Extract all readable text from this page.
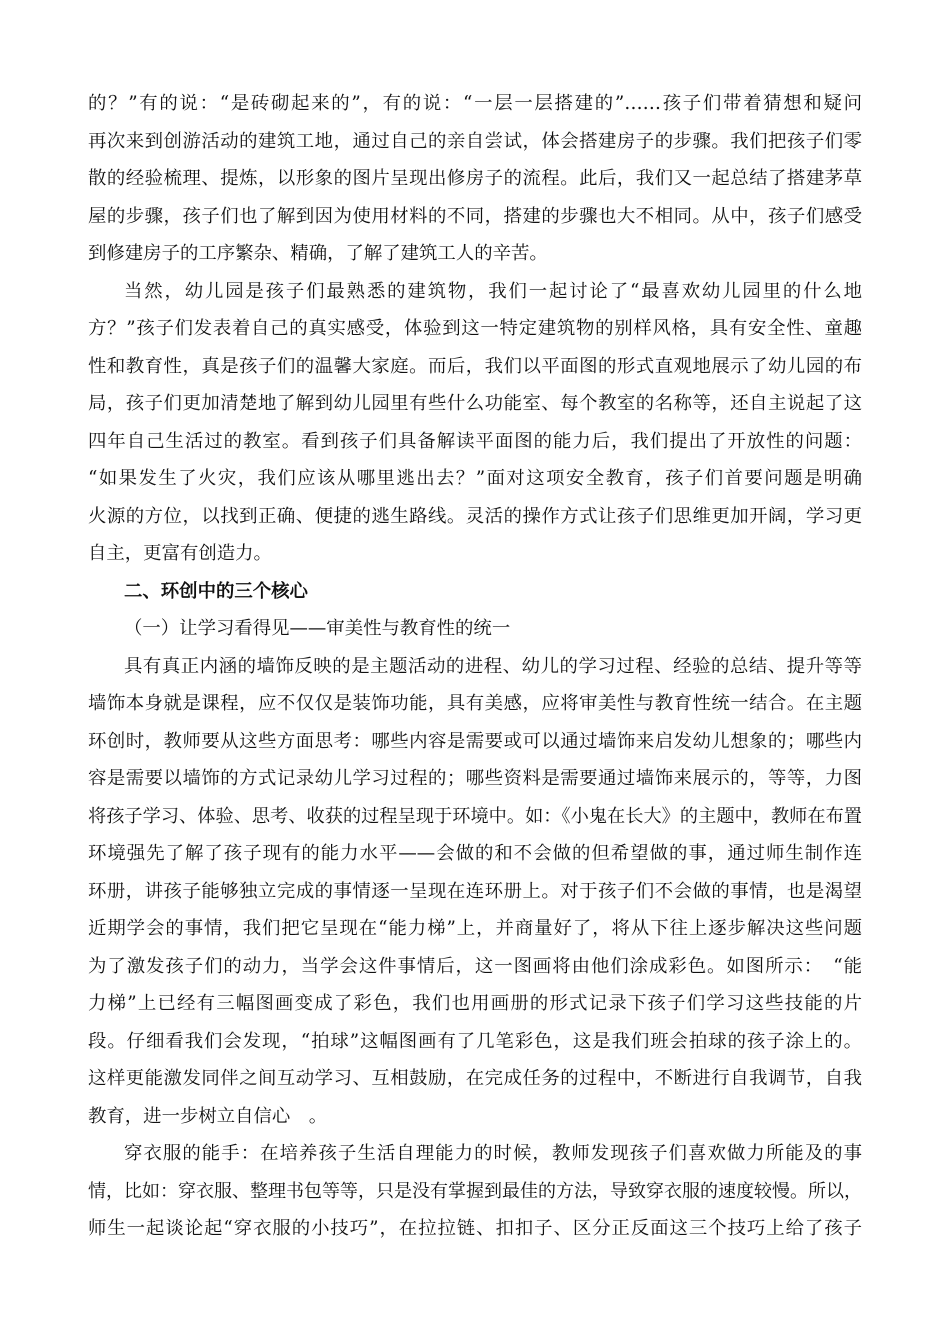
的？”有的说：“是砖砌起来的”，有的说：“一层一层搭建的”……孩子们带着猜想和疑问
再次来到创游活动的建筑工地，通过自己的亲自尝试，体会搭建房子的步骤。我们把孩子们零
散的经验梳理、提炼，以形象的图片呈现出修房子的流程。此后，我们又一起总结了搭建茅草
屋的步骤，孩子们也了解到因为使用材料的不同，搭建的步骤也大不相同。从中，孩子们感受
到修建房子的工序繁杂、精确，了解了建筑工人的辛苦。
当然，幼儿园是孩子们最熟悉的建筑物，我们一起讨论了“最喜欢幼儿园里的什么地
方？”孩子们发表着自己的真实感受，体验到这一特定建筑物的别样风格，具有安全性、童趣
性和教育性，真是孩子们的温馨大家庭。而后，我们以平面图的形式直观地展示了幼儿园的布
局，孩子们更加清楚地了解到幼儿园里有些什么功能室、每个教室的名称等，还自主说起了这
四年自己生活过的教室。看到孩子们具备解读平面图的能力后，我们提出了开放性的问题：
“如果发生了火灾，我们应该从哪里逃出去？”面对这项安全教育，孩子们首要问题是明确
火源的方位，以找到正确、便捷的逃生路线。灵活的操作方式让孩子们思维更加开阔，学习更
自主，更富有创造力。
二、环创中的三个核心
（一）让学习看得见——审美性与教育性的统一
具有真正内涵的墙饰反映的是主题活动的进程、幼儿的学习过程、经验的总结、提升等等
墙饰本身就是课程，应不仅仅是装饰功能，具有美感，应将审美性与教育性统一结合。在主题
环创时，教师要从这些方面思考：哪些内容是需要或可以通过墙饰来启发幼儿想象的；哪些内
容是需要以墙饰的方式记录幼儿学习过程的；哪些资料是需要通过墙饰来展示的，等等，力图
将孩子学习、体验、思考、收获的过程呈现于环境中。如：《小鬼在长大》的主题中，教师在布置
环境强先了解了孩子现有的能力水平——会做的和不会做的但希望做的事，通过师生制作连
环册，讲孩子能够独立完成的事情逐一呈现在连环册上。对于孩子们不会做的事情，也是渴望
近期学会的事情，我们把它呈现在“能力梯”上，并商量好了，将从下往上逐步解决这些问题
为了激发孩子们的动力，当学会这件事情后，这一图画将由他们涂成彩色。如图所示：　“能
力梯”上已经有三幅图画变成了彩色，我们也用画册的形式记录下孩子们学习这些技能的片
段。仔细看我们会发现，“拍球”这幅图画有了几笔彩色，这是我们班会拍球的孩子涂上的。
这样更能激发同伴之间互动学习、互相鼓励，在完成任务的过程中，不断进行自我调节，自我
教育，进一步树立自信心　。
穿衣服的能手：在培养孩子生活自理能力的时候，教师发现孩子们喜欢做力所能及的事
情，比如：穿衣服、整理书包等等，只是没有掌握到最佳的方法，导致穿衣服的速度较慢。所以，
师生一起谈论起“穿衣服的小技巧”，在拉拉链、扣扣子、区分正反面这三个技巧上给了孩子
